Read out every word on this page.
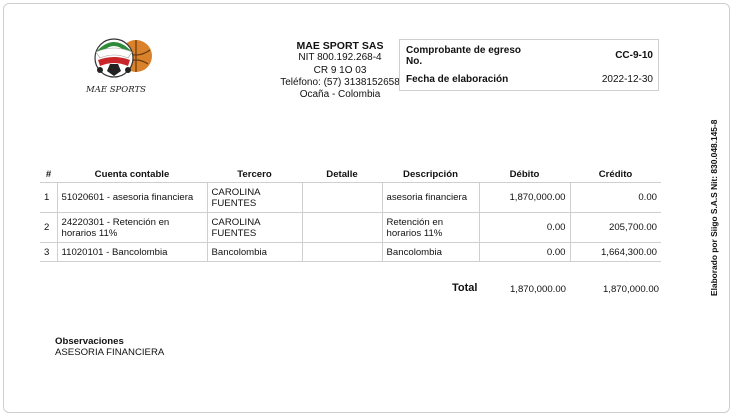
MAE SPORTS
MAE SPORT SAS
NIT 800.192.268-4
CR 9 1O 03
Teléfono: (57) 3138152658
Ocaña - Colombia
Comprobante de egreso No.
CC-9-10
Fecha de elaboración	2022-12-30
#	Cuenta contable	Tercero	Detalle	Descripción	Débito	Crédito
1	51020601 - asesoria financiera	CAROLINA FUENTES		asesoria financiera	1,870,000.00	0.00
2	24220301 - Retención en horarios 11%	CAROLINA FUENTES		Retención en horarios 11%	0.00	205,700.00
3	11020101 - Bancolombia	Bancolombia		Bancolombia	0.00	1,664,300.00
Total	1,870,000.00	1,870,000.00
Observaciones
ASESORIA FINANCIERA
Elaborado por Siigo S.A.S Nit: 830.048.145-8
